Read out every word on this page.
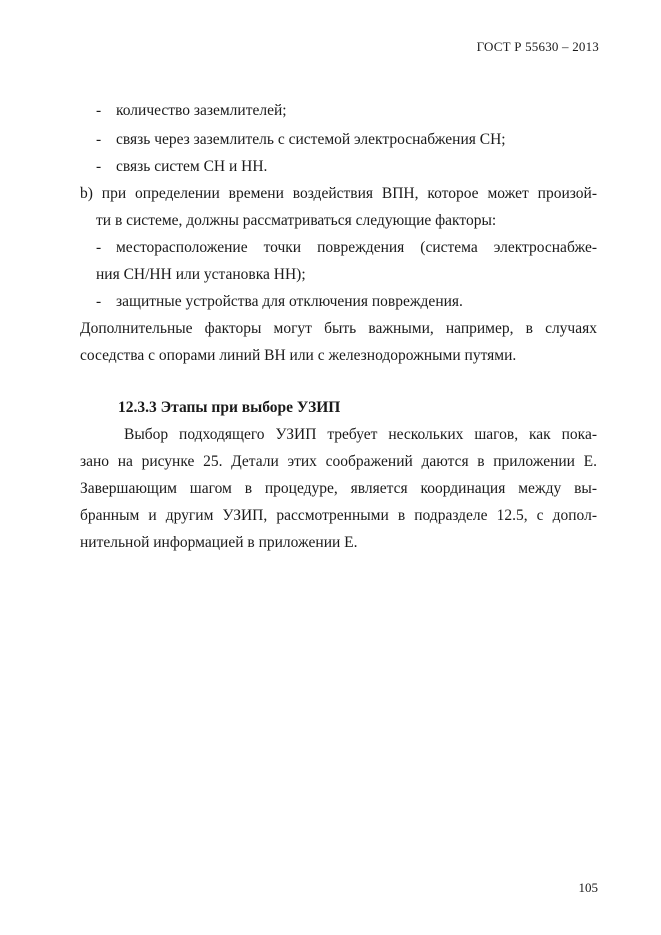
ГОСТ Р 55630 – 2013
- количество заземлителей;
- связь через заземлитель с системой электроснабжения СН;
- связь систем СН и НН.
b) при определении времени воздействия ВПН, которое может произой-
ти в системе, должны рассматриваться следующие факторы:
- месторасположение точки повреждения (система электроснабже-
ния СН/НН или установка НН);
- защитные устройства для отключения повреждения.
Дополнительные факторы могут быть важными, например, в случаях
соседства с опорами линий ВН или с железнодорожными путями.
12.3.3 Этапы при выборе УЗИП
Выбор подходящего УЗИП требует нескольких шагов, как пока-
зано на рисунке 25. Детали этих соображений даются в приложении Е.
Завершающим шагом в процедуре, является координация между вы-
бранным и другим УЗИП, рассмотренными в подразделе 12.5, с допол-
нительной информацией в приложении Е.
105
